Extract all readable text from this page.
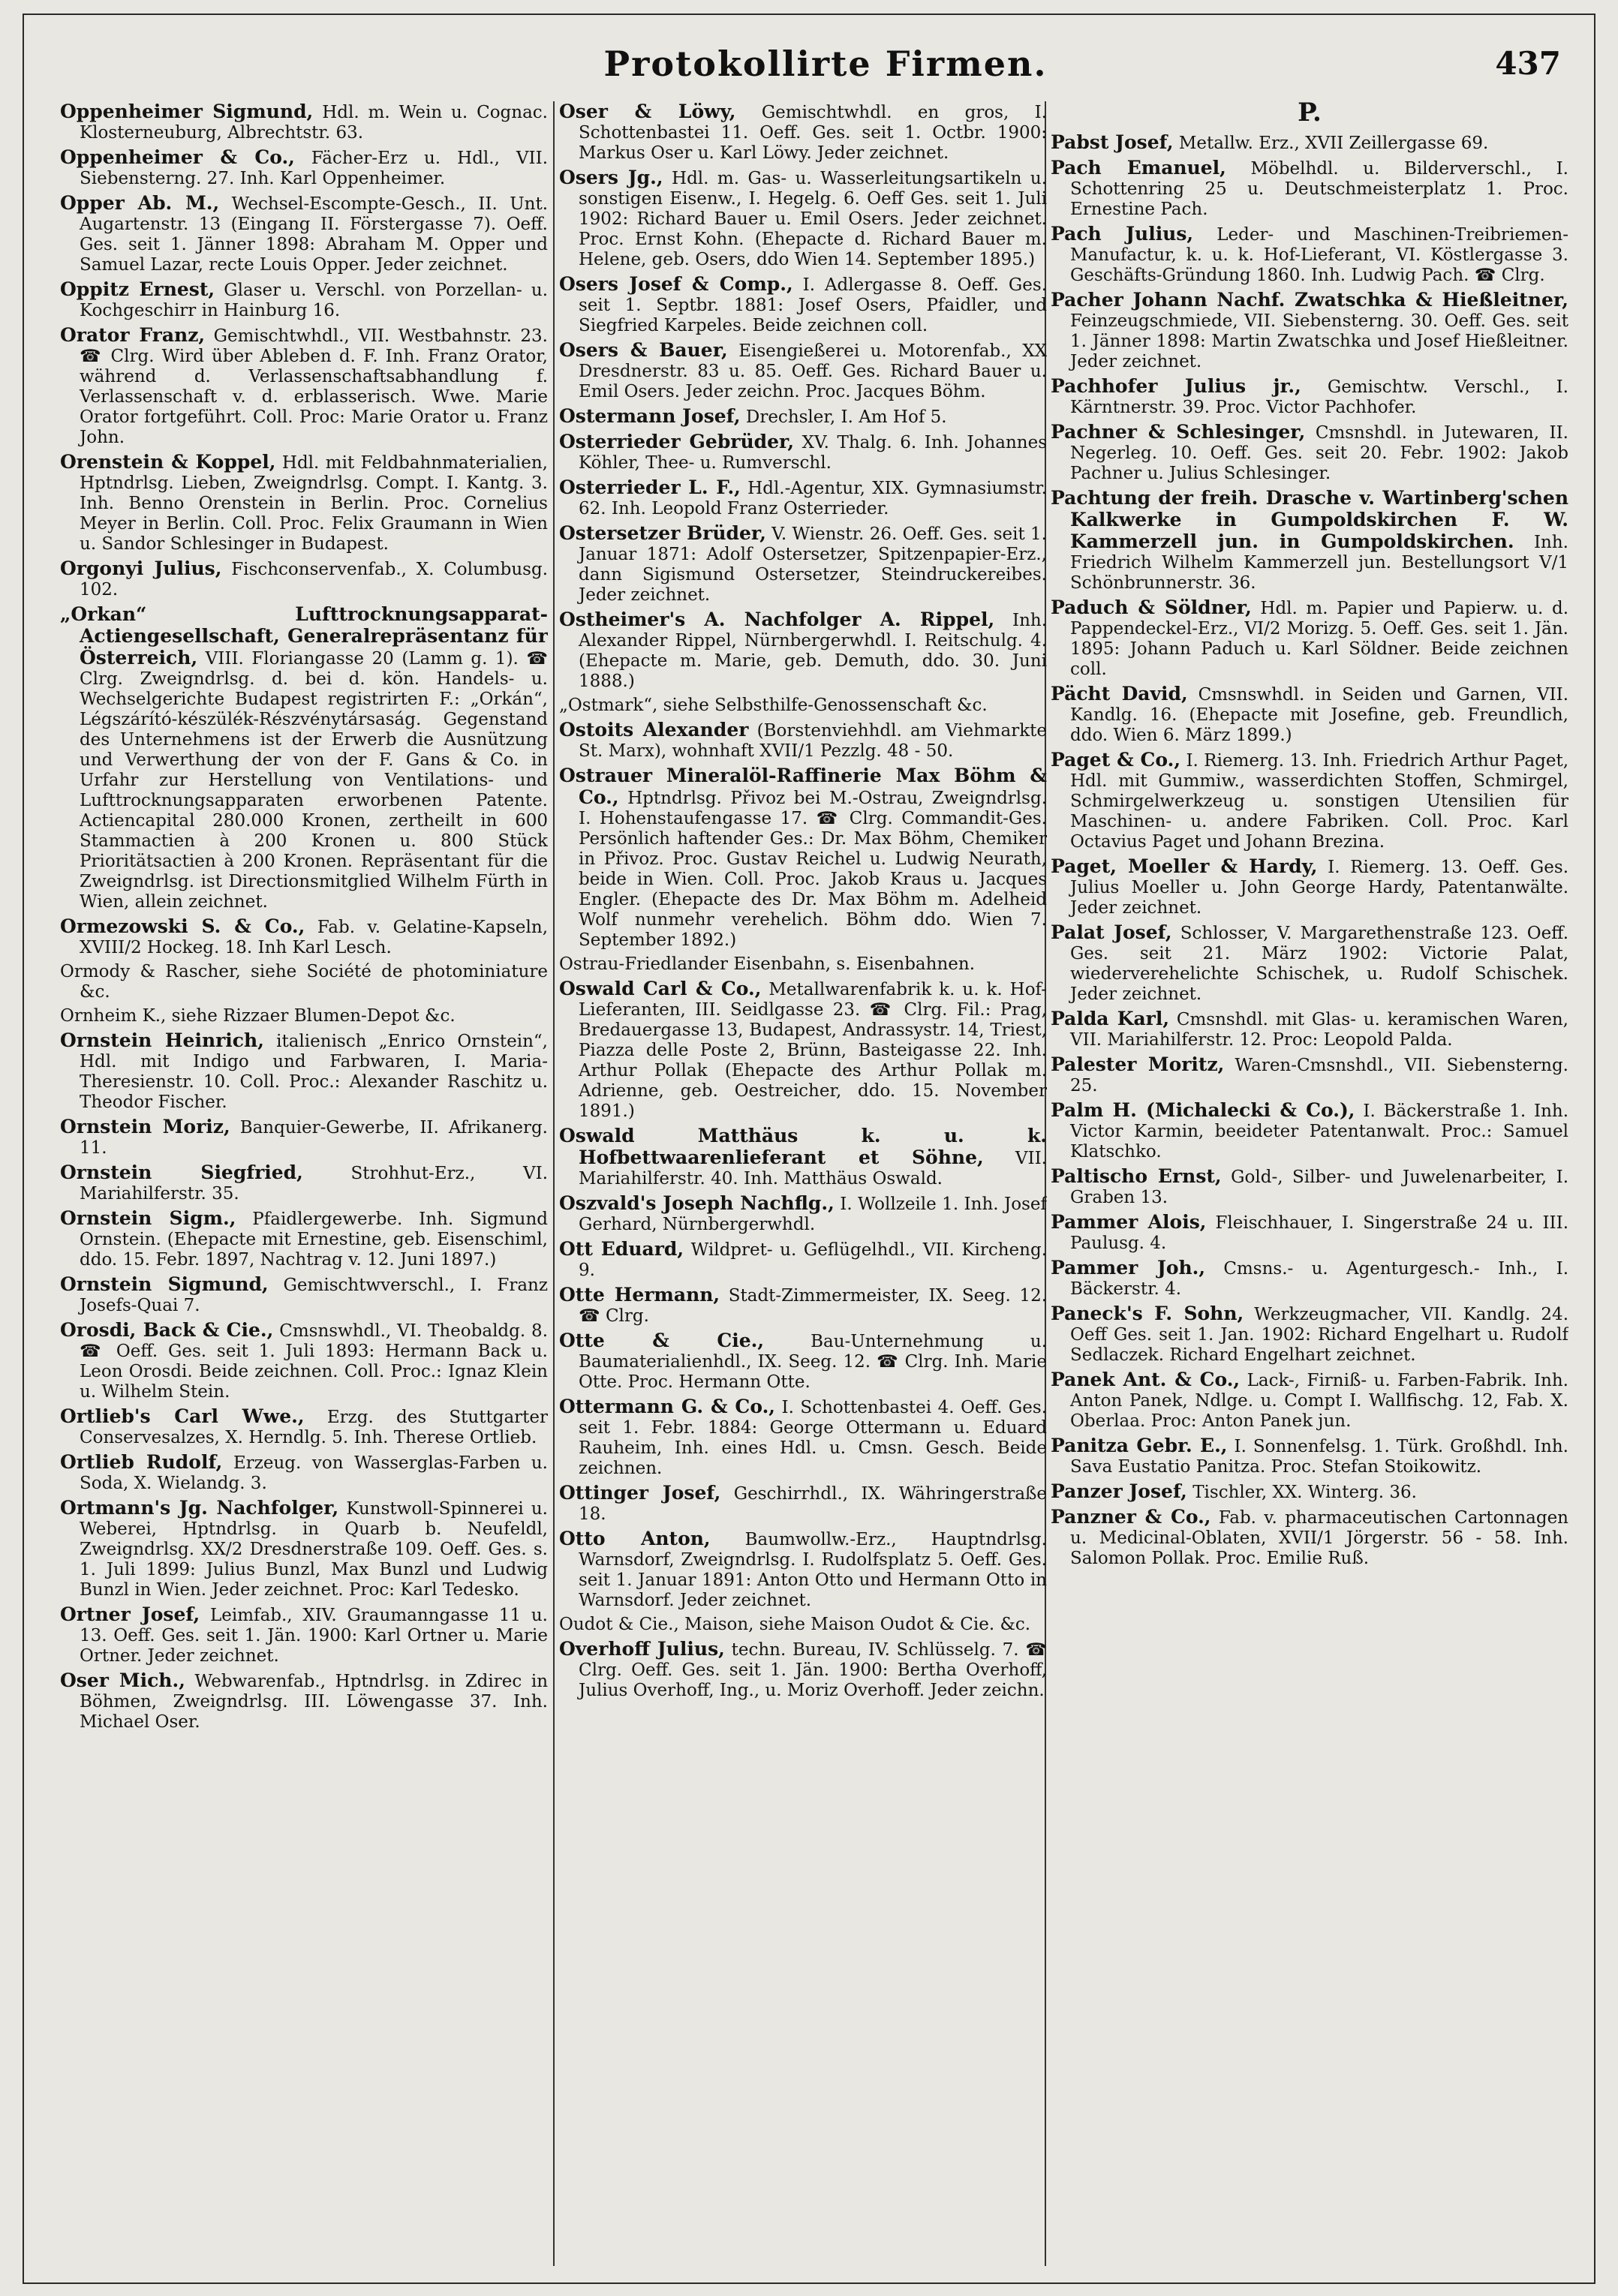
Protokollirte Firmen.	437

Oppenheimer Sigmund, Hdl. m. Wein u. Cognac. Klosterneuburg, Albrechtstr. 63.

Oppenheimer & Co., Fächer-Erz u. Hdl., VII. Siebensterng. 27. Inh. Karl Oppenheimer.

Opper Ab. M., Wechsel-Escompte-Gesch., II. Unt. Augartenstr. 13 (Eingang II. Förstergasse 7). Oeff. Ges. seit 1. Jänner 1898: Abraham M. Opper und Samuel Lazar, recte Louis Opper. Jeder zeichnet.

Oppitz Ernest, Glaser u. Verschl. von Porzellan- u. Kochgeschirr in Hainburg 16.

Orator Franz, Gemischtwhdl., VII. Westbahnstr. 23. ☎ Clrg. Wird über Ableben d. F. Inh. Franz Orator, während d. Verlassenschaftsabhandlung f. Verlassenschaft v. d. erblasserisch. Wwe. Marie Orator fortgeführt. Coll. Proc: Marie Orator u. Franz John.

Orenstein & Koppel, Hdl. mit Feldbahnmaterialien, Hptndrlsg. Lieben, Zweigndrlsg. Compt. I. Kantg. 3. Inh. Benno Orenstein in Berlin. Proc. Cornelius Meyer in Berlin. Coll. Proc. Felix Graumann in Wien u. Sandor Schlesinger in Budapest.

Orgonyi Julius, Fischconservenfab., X. Columbusg. 102.

„Orkan“ Lufttrocknungsapparat-Actiengesellschaft, Generalrepräsentanz für Österreich, VIII. Floriangasse 20 (Lamm g. 1). ☎ Clrg. Zweigndrlsg. d. bei d. kön. Handels- u. Wechselgerichte Budapest registrirten F.: „Orkán“, Légszárító-készülék-Részvénytársaság. Gegenstand des Unternehmens ist der Erwerb die Ausnützung und Verwerthung der von der F. Gans & Co. in Urfahr zur Herstellung von Ventilations- und Lufttrocknungsapparaten erworbenen Patente. Actiencapital 280.000 Kronen, zertheilt in 600 Stammactien à 200 Kronen u. 800 Stück Prioritätsactien à 200 Kronen. Repräsentant für die Zweigndrlsg. ist Directionsmitglied Wilhelm Fürth in Wien, allein zeichnet.

Ormezowski S. & Co., Fab. v. Gelatine-Kapseln, XVIII/2 Hockeg. 18. Inh Karl Lesch.

Ormody & Rascher, siehe Société de photominiature &c.

Ornheim K., siehe Rizzaer Blumen-Depot &c.

Ornstein Heinrich, italienisch „Enrico Ornstein“, Hdl. mit Indigo und Farbwaren, I. Maria-Theresienstr. 10. Coll. Proc.: Alexander Raschitz u. Theodor Fischer.

Ornstein Moriz, Banquier-Gewerbe, II. Afrikanerg. 11.

Ornstein Siegfried,	Strohhut-Erz., VI. Mariahilferstr. 35.

Ornstein Sigm., Pfaidlergewerbe. Inh. Sigmund Ornstein. (Ehepacte mit Ernestine, geb. Eisenschiml, ddo. 15. Febr. 1897, Nachtrag v. 12. Juni 1897.)

Ornstein Sigmund, Gemischtwverschl., I. Franz Josefs-Quai 7.

Orosdi, Back & Cie., Cmsnswhdl., VI. Theobaldg. 8. ☎ Oeff. Ges. seit 1. Juli 1893: Hermann Back u. Leon Orosdi. Beide zeichnen. Coll. Proc.: Ignaz Klein u. Wilhelm Stein.

Ortlieb's Carl Wwe., Erzg. des Stuttgarter Conservesalzes, X. Herndlg. 5. Inh. Therese Ortlieb.

Ortlieb Rudolf, Erzeug. von Wasserglas-Farben u. Soda, X. Wielandg. 3.

Ortmann's Jg. Nachfolger, Kunstwoll-Spinnerei u. Weberei, Hptndrlsg. in Quarb b. Neufeldl, Zweigndrlsg. XX/2 Dresdnerstraße 109. Oeff. Ges. s. 1. Juli 1899: Julius Bunzl, Max Bunzl und Ludwig Bunzl in Wien. Jeder zeichnet. Proc: Karl Tedesko.

Ortner Josef, Leimfab., XIV. Graumanngasse 11 u. 13. Oeff. Ges. seit 1. Jän. 1900: Karl Ortner u. Marie Ortner. Jeder zeichnet.

Oser Mich., Webwarenfab., Hptndrlsg. in Zdirec in Böhmen, Zweigndrlsg. III. Löwengasse 37. Inh. Michael Oser.

Oser & Löwy, Gemischtwhdl. en gros, I. Schottenbastei 11. Oeff. Ges. seit 1. Octbr. 1900: Markus Oser u. Karl Löwy. Jeder zeichnet.

Osers Jg., Hdl. m. Gas- u. Wasserleitungsartikeln u. sonstigen Eisenw., I. Hegelg. 6. Oeff Ges. seit 1. Juli 1902: Richard Bauer u. Emil Osers. Jeder zeichnet. Proc. Ernst Kohn. (Ehepacte d. Richard Bauer m. Helene, geb. Osers, ddo Wien 14. September 1895.)

Osers Josef & Comp., I. Adlergasse 8. Oeff. Ges. seit 1. Septbr. 1881: Josef Osers, Pfaidler, und Siegfried Karpeles. Beide zeichnen coll.

Osers & Bauer, Eisengießerei u. Motorenfab., XX Dresdnerstr. 83 u. 85. Oeff. Ges. Richard Bauer u. Emil Osers. Jeder zeichn. Proc. Jacques Böhm.

Ostermann Josef, Drechsler, I. Am Hof 5.

Osterrieder Gebrüder, XV. Thalg. 6. Inh. Johannes Köhler, Thee- u. Rumverschl.

Osterrieder L. F., Hdl.-Agentur, XIX. Gymnasiumstr. 62. Inh. Leopold Franz Osterrieder.

Ostersetzer Brüder, V. Wienstr. 26. Oeff. Ges. seit 1. Januar 1871: Adolf Ostersetzer, Spitzenpapier-Erz., dann Sigismund Ostersetzer, Steindruckereibes. Jeder zeichnet.

Ostheimer's A. Nachfolger A. Rippel, Inh. Alexander Rippel, Nürnbergerwhdl. I. Reitschulg. 4. (Ehepacte m. Marie, geb. Demuth, ddo. 30. Juni 1888.)

„Ostmark“, siehe Selbsthilfe-Genossenschaft &c.

Ostoits Alexander (Borstenviehhdl. am Viehmarkte St. Marx), wohnhaft XVII/1 Pezzlg. 48 - 50.

Ostrauer Mineralöl-Raffinerie Max Böhm & Co., Hptndrlsg. Přivoz bei M.-Ostrau, Zweigndrlsg. I. Hohenstaufengasse 17. ☎ Clrg. Commandit-Ges. Persönlich haftender Ges.: Dr. Max Böhm, Chemiker in Přivoz. Proc. Gustav Reichel u. Ludwig Neurath, beide in Wien. Coll. Proc. Jakob Kraus u. Jacques Engler. (Ehepacte des Dr. Max Böhm m. Adelheid Wolf nunmehr verehelich. Böhm ddo. Wien 7. September 1892.)

Ostrau-Friedlander Eisenbahn, s. Eisenbahnen.

Oswald Carl & Co., Metallwarenfabrik k. u. k. Hof-Lieferanten, III. Seidlgasse 23. ☎ Clrg. Fil.: Prag, Bredauergasse 13, Budapest, Andrassystr. 14, Triest, Piazza delle Poste 2, Brünn, Basteigasse 22. Inh. Arthur Pollak (Ehepacte des Arthur Pollak m. Adrienne, geb. Oestreicher, ddo. 15. November 1891.)

Oswald Matthäus k. u. k. Hofbettwaarenlieferant et Söhne, VII. Mariahilferstr. 40. Inh. Matthäus Oswald.

Oszvald's Joseph Nachflg., I. Wollzeile 1. Inh. Josef Gerhard, Nürnbergerwhdl.

Ott Eduard, Wildpret- u. Geflügelhdl., VII. Kircheng. 9.

Otte Hermann, Stadt-Zimmermeister, IX. Seeg. 12. ☎ Clrg.

Otte & Cie.,	Bau-Unternehmung u. Baumaterialienhdl., IX. Seeg. 12. ☎ Clrg. Inh. Marie Otte. Proc. Hermann Otte.

Ottermann G. & Co., I. Schottenbastei 4. Oeff. Ges. seit 1. Febr. 1884: George Ottermann u. Eduard Rauheim, Inh. eines Hdl. u. Cmsn. Gesch. Beide zeichnen.

Ottinger Josef, Geschirrhdl., IX. Währingerstraße 18.

Otto Anton, Baumwollw.-Erz., Hauptndrlsg. Warnsdorf, Zweigndrlsg. I. Rudolfsplatz 5. Oeff. Ges. seit 1. Januar 1891: Anton Otto und Hermann Otto in Warnsdorf. Jeder zeichnet.

Oudot & Cie., Maison, siehe Maison Oudot & Cie. &c.

Overhoff Julius, techn. Bureau, IV. Schlüsselg. 7. ☎ Clrg. Oeff. Ges. seit 1. Jän. 1900: Bertha Overhoff, Julius Overhoff, Ing., u. Moriz Overhoff. Jeder zeichn.

P.

Pabst Josef, Metallw. Erz., XVII Zeillergasse 69.

Pach Emanuel, Möbelhdl. u. Bilderverschl., I. Schottenring 25 u. Deutschmeisterplatz 1. Proc. Ernestine Pach.

Pach Julius, Leder- und Maschinen-Treibriemen-Manufactur, k. u. k. Hof-Lieferant, VI. Köstlergasse 3. Geschäfts-Gründung 1860. Inh. Ludwig Pach. ☎ Clrg.

Pacher Johann Nachf. Zwatschka & Hießleitner, Feinzeugschmiede, VII. Siebensterng. 30. Oeff. Ges. seit 1. Jänner 1898: Martin Zwatschka und Josef Hießleitner. Jeder zeichnet.

Pachhofer Julius jr., Gemischtw. Verschl., I. Kärntnerstr. 39. Proc. Victor Pachhofer.

Pachner & Schlesinger, Cmsnshdl. in Jutewaren, II. Negerleg. 10. Oeff. Ges. seit 20. Febr. 1902: Jakob Pachner u. Julius Schlesinger.

Pachtung der freih. Drasche v. Wartinberg'schen Kalkwerke in Gumpoldskirchen F. W. Kammerzell jun. in Gumpoldskirchen. Inh. Friedrich Wilhelm Kammerzell jun. Bestellungsort V/1 Schönbrunnerstr. 36.

Paduch & Söldner, Hdl. m. Papier und Papierw. u. d. Pappendeckel-Erz., VI/2 Morizg. 5. Oeff. Ges. seit 1. Jän. 1895: Johann Paduch u. Karl Söldner. Beide zeichnen coll.

Pächt David, Cmsnswhdl. in Seiden und Garnen, VII. Kandlg. 16. (Ehepacte mit Josefine, geb. Freundlich, ddo. Wien 6. März 1899.)

Paget & Co., I. Riemerg. 13. Inh. Friedrich Arthur Paget, Hdl. mit Gummiw., wasserdichten Stoffen, Schmirgel, Schmirgelwerkzeug u. sonstigen Utensilien für Maschinen- u. andere Fabriken. Coll. Proc. Karl Octavius Paget und Johann Brezina.

Paget, Moeller & Hardy, I. Riemerg. 13. Oeff. Ges. Julius Moeller u. John George Hardy, Patentanwälte. Jeder zeichnet.

Palat Josef, Schlosser, V. Margarethenstraße 123. Oeff. Ges. seit 21. März 1902: Victorie Palat, wiederverehelichte Schischek, u. Rudolf Schischek. Jeder zeichnet.

Palda Karl, Cmsnshdl. mit Glas- u. keramischen Waren, VII. Mariahilferstr. 12. Proc: Leopold Palda.

Palester Moritz, Waren-Cmsnshdl., VII. Siebensterng. 25.

Palm H. (Michalecki & Co.), I. Bäckerstraße 1. Inh. Victor Karmin, beeideter Patentanwalt. Proc.: Samuel Klatschko.

Paltischo Ernst, Gold-, Silber- und Juwelenarbeiter, I. Graben 13.

Pammer Alois, Fleischhauer, I. Singerstraße 24 u. III. Paulusg. 4.

Pammer Joh., Cmsns.- u. Agenturgesch.- Inh., I. Bäckerstr. 4.

Paneck's F. Sohn, Werkzeugmacher, VII. Kandlg. 24. Oeff Ges. seit 1. Jan. 1902: Richard Engelhart u. Rudolf Sedlaczek. Richard Engelhart zeichnet.

Panek Ant. & Co., Lack-, Firniß- u. Farben-Fabrik. Inh. Anton Panek, Ndlge. u. Compt I. Wallfischg. 12, Fab. X. Oberlaa. Proc: Anton Panek jun.

Panitza Gebr. E., I. Sonnenfelsg. 1. Türk. Großhdl. Inh. Sava Eustatio Panitza. Proc. Stefan Stoikowitz.

Panzer Josef, Tischler, XX. Winterg. 36.

Panzner & Co., Fab. v. pharmaceutischen Cartonnagen u. Medicinal-Oblaten, XVII/1 Jörgerstr. 56 - 58. Inh. Salomon Pollak. Proc. Emilie Ruß.
